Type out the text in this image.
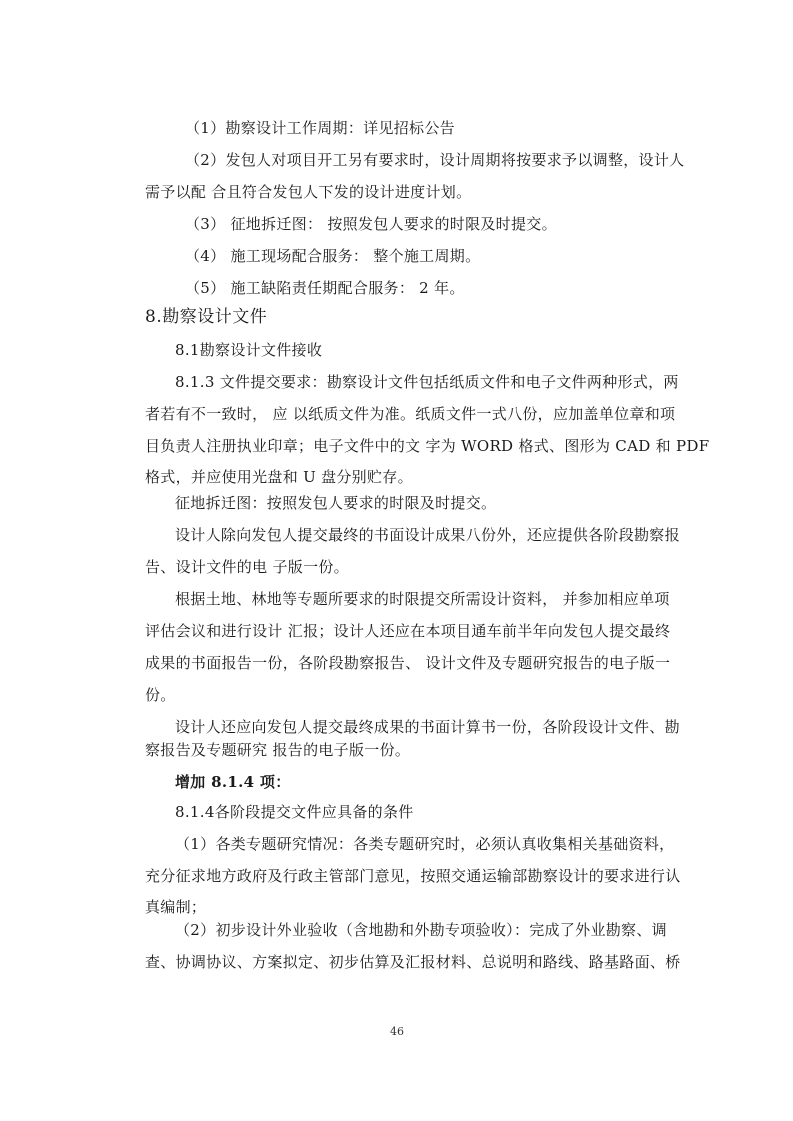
（1）勘察设计工作周期：详见招标公告
（2）发包人对项目开工另有要求时，设计周期将按要求予以调整，设计人
需予以配 合且符合发包人下发的设计进度计划。
（3） 征地拆迁图： 按照发包人要求的时限及时提交。
（4） 施工现场配合服务： 整个施工周期。
（5） 施工缺陷责任期配合服务： 2 年。
8.勘察设计文件
8.1勘察设计文件接收
8.1.3 文件提交要求：勘察设计文件包括纸质文件和电子文件两种形式，两
者若有不一致时， 应 以纸质文件为准。纸质文件一式八份，应加盖单位章和项
目负责人注册执业印章；电子文件中的文 字为 WORD 格式、图形为 CAD 和 PDF
格式，并应使用光盘和 U 盘分别贮存。
征地拆迁图：按照发包人要求的时限及时提交。
设计人除向发包人提交最终的书面设计成果八份外，还应提供各阶段勘察报
告、设计文件的电 子版一份。
根据土地、林地等专题所要求的时限提交所需设计资料， 并参加相应单项
评估会议和进行设计 汇报；设计人还应在本项目通车前半年向发包人提交最终
成果的书面报告一份，各阶段勘察报告、 设计文件及专题研究报告的电子版一
份。
设计人还应向发包人提交最终成果的书面计算书一份，各阶段设计文件、勘
察报告及专题研究 报告的电子版一份。
增加 8.1.4 项：
8.1.4各阶段提交文件应具备的条件
（1）各类专题研究情况：各类专题研究时，必须认真收集相关基础资料，
充分征求地方政府及行政主管部门意见，按照交通运输部勘察设计的要求进行认
真编制；
（2）初步设计外业验收（含地勘和外勘专项验收）：完成了外业勘察、调
查、协调协议、方案拟定、初步估算及汇报材料、总说明和路线、路基路面、桥
46
